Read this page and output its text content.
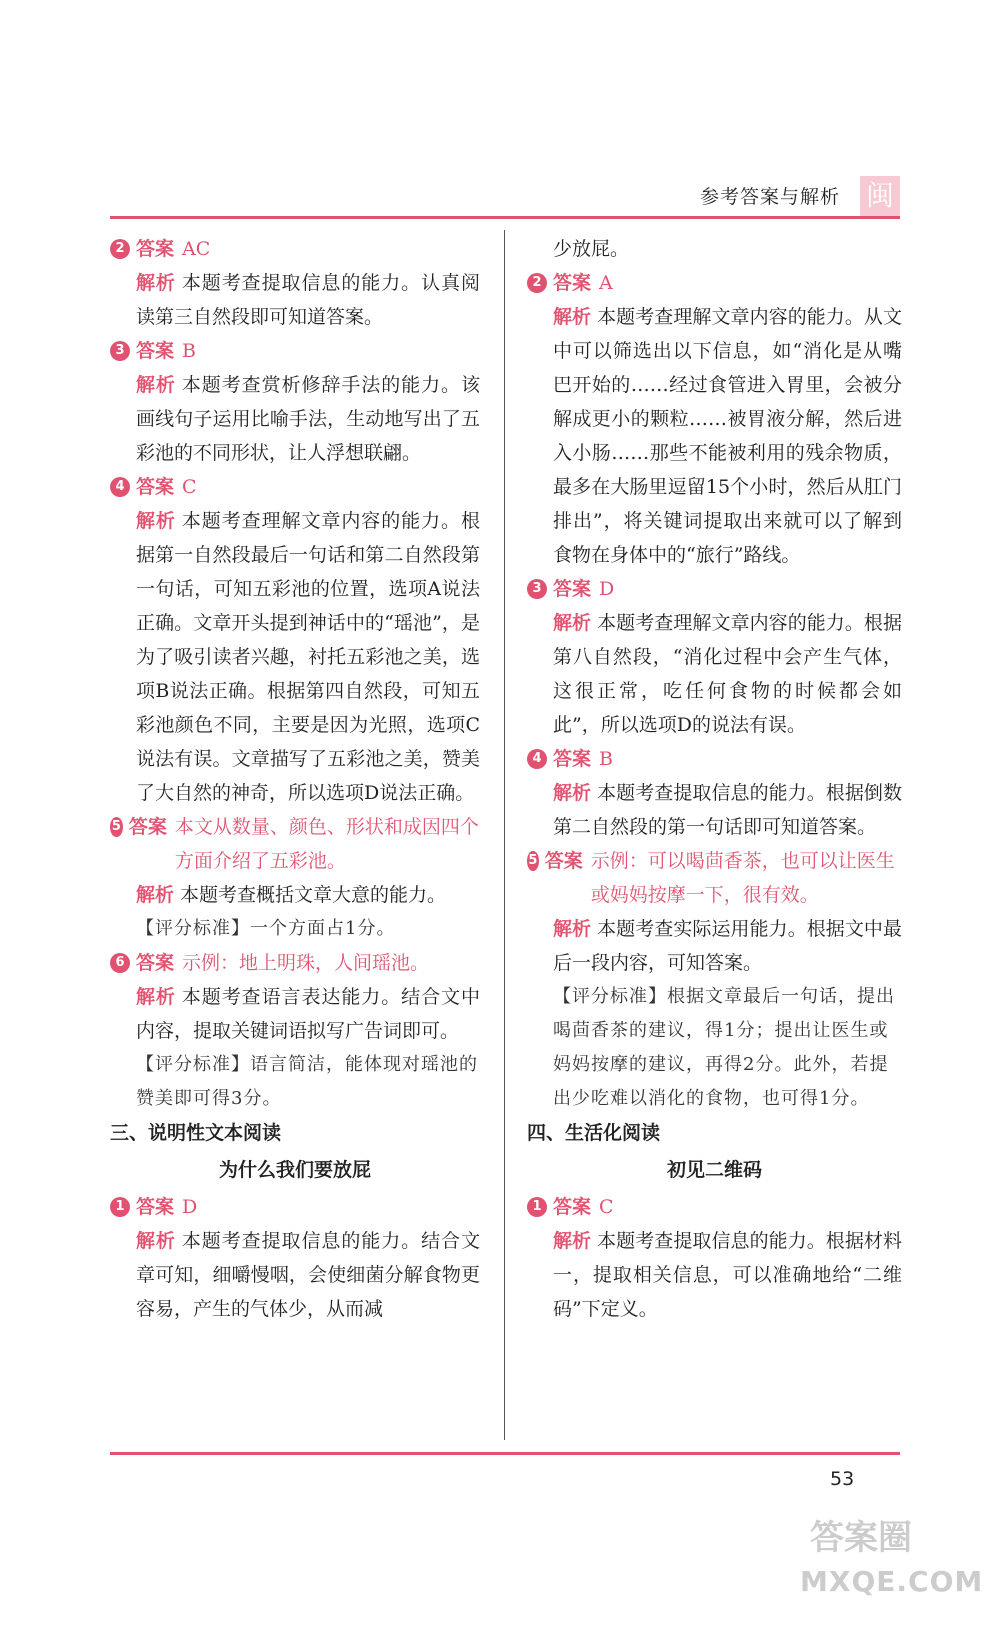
参考答案与解析 闽
2 答案 AC

解析 本题考查提取信息的能力。认真阅读第三自然段即可知道答案。

3 答案 B

解析 本题考查赏析修辞手法的能力。该画线句子运用比喻手法，生动地写出了五彩池的不同形状，让人浮想联翩。

4 答案 C

解析 本题考查理解文章内容的能力。根据第一自然段最后一句话和第二自然段第一句话，可知五彩池的位置，选项A说法正确。文章开头提到神话中的“瑶池”，是为了吸引读者兴趣，衬托五彩池之美，选项B说法正确。根据第四自然段，可知五彩池颜色不同，主要是因为光照，选项C说法有误。文章描写了五彩池之美，赞美了大自然的神奇，所以选项D说法正确。

5 答案 本文从数量、颜色、形状和成因四个方面介绍了五彩池。

解析 本题考查概括文章大意的能力。

【评分标准】一个方面占1分。

6 答案 示例：地上明珠，人间瑶池。

解析 本题考查语言表达能力。结合文中内容，提取关键词语拟写广告词即可。

【评分标准】语言简洁，能体现对瑶池的赞美即可得3分。

三、说明性文本阅读

为什么我们要放屁

1 答案 D

解析 本题考查提取信息的能力。结合文章可知，细嚼慢咽，会使细菌分解食物更容易，产生的气体少，从而减

少放屁。

2 答案 A

解析 本题考查理解文章内容的能力。从文中可以筛选出以下信息，如“消化是从嘴巴开始的……经过食管进入胃里，会被分解成更小的颗粒……被胃液分解，然后进入小肠……那些不能被利用的残余物质，最多在大肠里逗留15个小时，然后从肛门排出”，将关键词提取出来就可以了解到食物在身体中的“旅行”路线。

3 答案 D

解析 本题考查理解文章内容的能力。根据第八自然段，“消化过程中会产生气体，这很正常，吃任何食物的时候都会如此”，所以选项D的说法有误。

4 答案 B

解析 本题考查提取信息的能力。根据倒数第二自然段的第一句话即可知道答案。

5 答案 示例：可以喝茴香茶，也可以让医生或妈妈按摩一下，很有效。

解析 本题考查实际运用能力。根据文中最后一段内容，可知答案。

【评分标准】根据文章最后一句话，提出喝茴香茶的建议，得1分；提出让医生或妈妈按摩的建议，再得2分。此外，若提出少吃难以消化的食物，也可得1分。

四、生活化阅读

初见二维码

1 答案 C

解析 本题考查提取信息的能力。根据材料一，提取相关信息，可以准确地给“二维码”下定义。

53
答案圈
MXQE.COM
